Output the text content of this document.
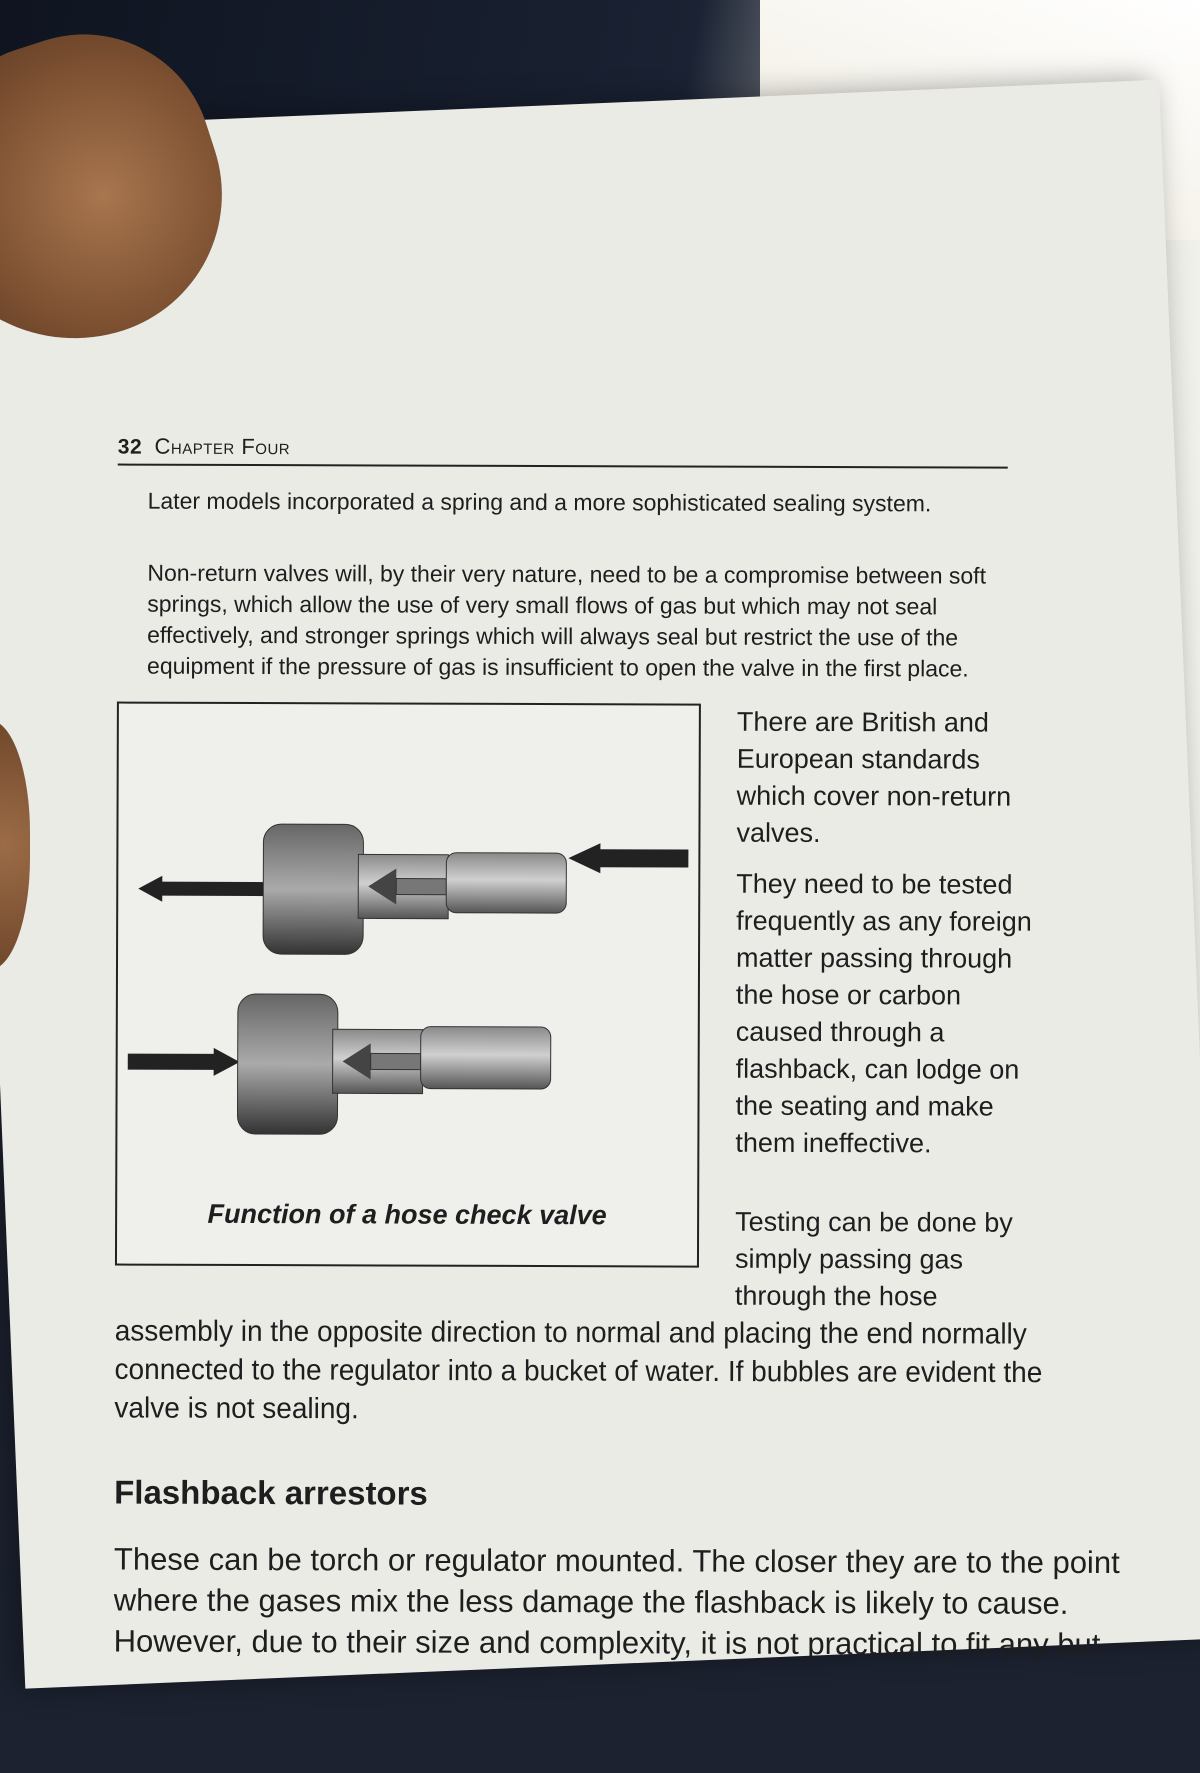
32 Chapter Four

Later models incorporated a spring and a more sophisticated sealing system.

Non-return valves will, by their very nature, need to be a compromise between soft springs, which allow the use of very small flows of gas but which may not seal effectively, and stronger springs which will always seal but restrict the use of the equipment if the pressure of gas is insufficient to open the valve in the first place.

Function of a hose check valve
There are British and European standards which cover non-return valves.
They need to be tested frequently as any foreign matter passing through the hose or carbon caused through a flashback, can lodge on the seating and make them ineffective.
Testing can be done by simply passing gas through the hose
assembly in the opposite direction to normal and placing the end normally connected to the regulator into a bucket of water. If bubbles are evident the valve is not sealing.
Flashback arrestors
These can be torch or regulator mounted. The closer they are to the point where the gases mix the less damage the flashback is likely to cause. However, due to their size and complexity, it is not practical to fit any but
